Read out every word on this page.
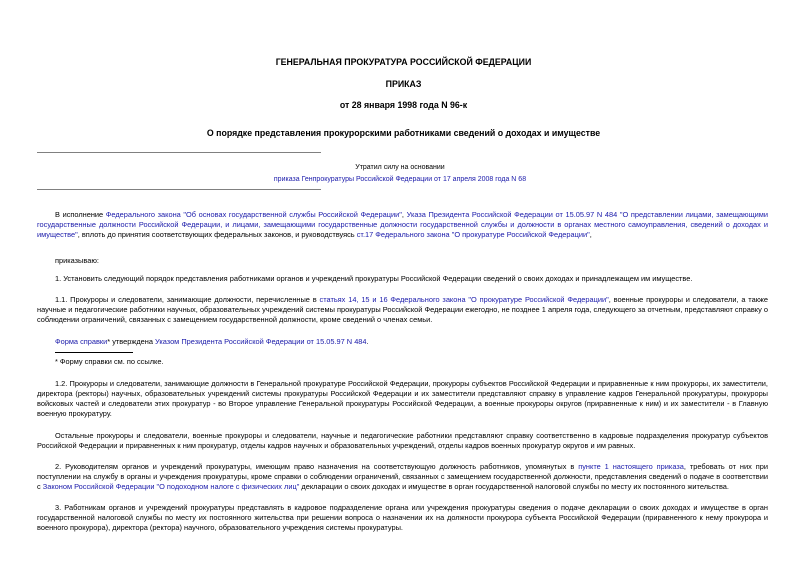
ГЕНЕРАЛЬНАЯ ПРОКУРАТУРА РОССИЙСКОЙ ФЕДЕРАЦИИ
ПРИКАЗ
от 28 января 1998 года N 96-к
О порядке представления прокурорскими работниками сведений о доходах и имуществе
Утратил силу на основании
приказа Генпрокуратуры Российской Федерации от 17 апреля 2008 года N 68
В исполнение Федерального закона "Об основах государственной службы Российской Федерации", Указа Президента Российской Федерации от 15.05.97 N 484 "О представлении лицами, замещающими государственные должности Российской Федерации, и лицами, замещающими государственные должности государственной службы и должности в органах местного самоуправления, сведений о доходах и имуществе", вплоть до принятия соответствующих федеральных законов, и руководствуясь ст.17 Федерального закона "О прокуратуре Российской Федерации",
приказываю:
1. Установить следующий порядок представления работниками органов и учреждений прокуратуры Российской Федерации сведений о своих доходах и принадлежащем им имуществе.
1.1. Прокуроры и следователи, занимающие должности, перечисленные в статьях 14, 15 и 16 Федерального закона "О прокуратуре Российской Федерации", военные прокуроры и следователи, а также научные и педагогические работники научных, образовательных учреждений системы прокуратуры Российской Федерации ежегодно, не позднее 1 апреля года, следующего за отчетным, представляют справку о соблюдении ограничений, связанных с замещением государственной должности, кроме сведений о членах семьи.
Форма справки* утверждена Указом Президента Российской Федерации от 15.05.97 N 484.
* Форму справки см. по ссылке.
1.2. Прокуроры и следователи, занимающие должности в Генеральной прокуратуре Российской Федерации, прокуроры субъектов Российской Федерации и приравненные к ним прокуроры, их заместители, директора (ректоры) научных, образовательных учреждений системы прокуратуры Российской Федерации и их заместители представляют справку в управление кадров Генеральной прокуратуры, прокуроры войсковых частей и следователи этих прокуратур - во Второе управление Генеральной прокуратуры Российской Федерации, а военные прокуроры округов (приравненные к ним) и их заместители - в Главную военную прокуратуру.
Остальные прокуроры и следователи, военные прокуроры и следователи, научные и педагогические работники представляют справку соответственно в кадровые подразделения прокуратур субъектов Российской Федерации и приравненных к ним прокуратур, отделы кадров научных и образовательных учреждений, отделы кадров военных прокуратур округов и им равных.
2. Руководителям органов и учреждений прокуратуры, имеющим право назначения на соответствующую должность работников, упомянутых в пункте 1 настоящего приказа, требовать от них при поступлении на службу в органы и учреждения прокуратуры, кроме справки о соблюдении ограничений, связанных с замещением государственной должности, представления сведений о подаче в соответствии с Законом Российской Федерации "О подоходном налоге с физических лиц" декларации о своих доходах и имуществе в орган государственной налоговой службы по месту их постоянного жительства.
3. Работникам органов и учреждений прокуратуры представлять в кадровое подразделение органа или учреждения прокуратуры сведения о подаче декларации о своих доходах и имуществе в орган государственной налоговой службы по месту их постоянного жительства при решении вопроса о назначении их на должности прокурора субъекта Российской Федерации (приравненного к нему прокурора и военного прокурора), директора (ректора) научного, образовательного учреждения системы прокуратуры.
